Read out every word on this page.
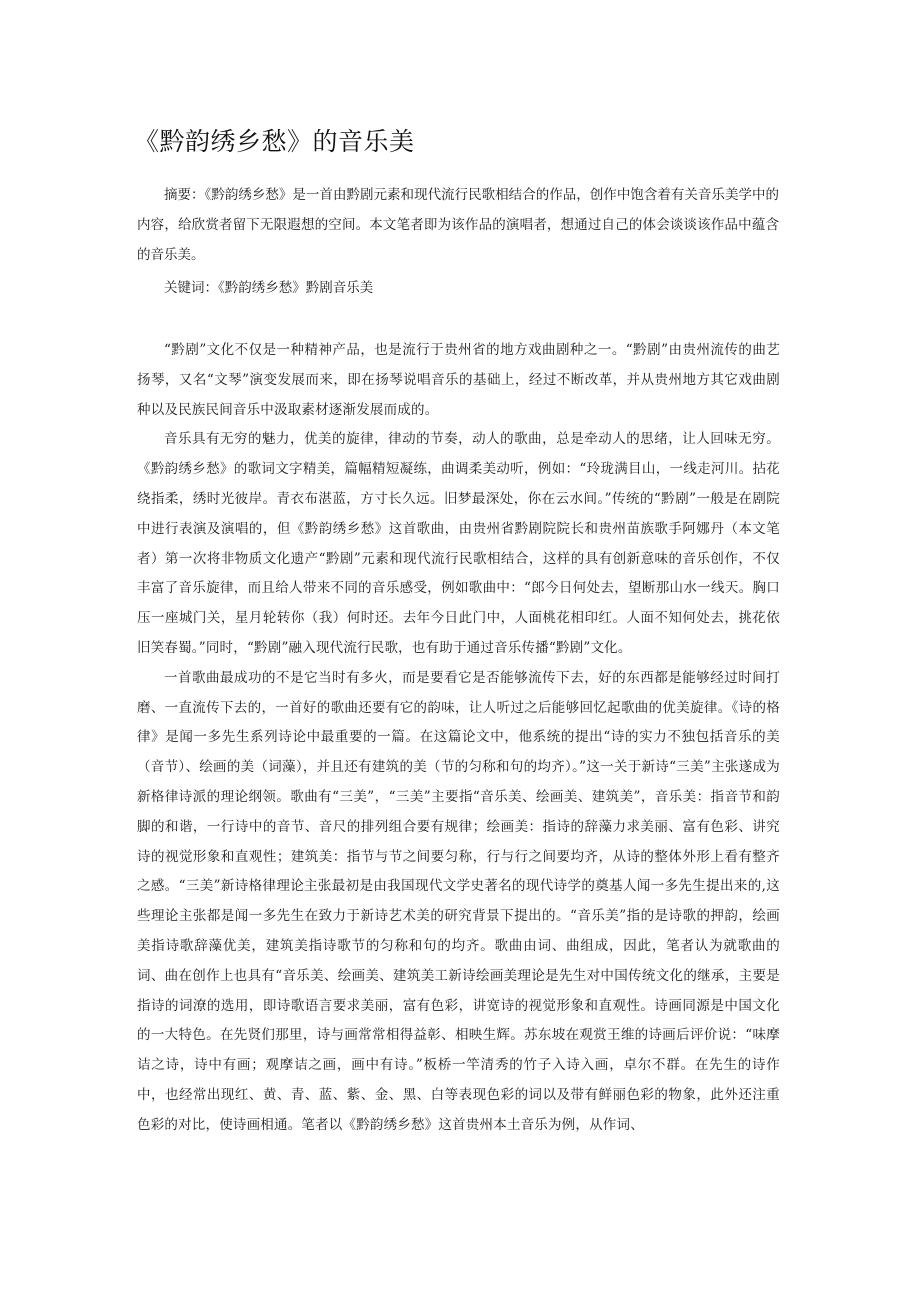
《黔韵绣乡愁》的音乐美

摘要：《黔韵绣乡愁》是一首由黔剧元素和现代流行民歌相结合的作品，创作中饱含着有关音乐美学中的内容，给欣赏者留下无限遐想的空间。本文笔者即为该作品的演唱者，想通过自己的体会谈谈该作品中蕴含的音乐美。

关键词：《黔韵绣乡愁》黔剧音乐美

“黔剧”文化不仅是一种精神产品，也是流行于贵州省的地方戏曲剧种之一。“黔剧”由贵州流传的曲艺扬琴，又名“文琴”演变发展而来，即在扬琴说唱音乐的基础上，经过不断改革，并从贵州地方其它戏曲剧种以及民族民间音乐中汲取素材逐渐发展而成的。

音乐具有无穷的魅力，优美的旋律，律动的节奏，动人的歌曲，总是牵动人的思绪，让人回味无穷。《黔韵绣乡愁》的歌词文字精美，篇幅精短凝练，曲调柔美动听，例如：“玲珑满目山，一线走河川。拈花绕指柔，绣时光彼岸。青衣布湛蓝，方寸长久远。旧梦最深处，你在云水间。”传统的“黔剧”一般是在剧院中进行表演及演唱的，但《黔韵绣乡愁》这首歌曲，由贵州省黔剧院院长和贵州苗族歌手阿娜丹（本文笔者）第一次将非物质文化遗产“黔剧”元素和现代流行民歌相结合，这样的具有创新意味的音乐创作，不仅丰富了音乐旋律，而且给人带来不同的音乐感受，例如歌曲中：“郎今日何处去，望断那山水一线天。胸口压一座城门关，星月轮转你（我）何时还。去年今日此门中，人面桃花相印红。人面不知何处去，挑花依旧笑春蜀。”同时，“黔剧”融入现代流行民歌，也有助于通过音乐传播“黔剧”文化。

一首歌曲最成功的不是它当时有多火，而是要看它是否能够流传下去，好的东西都是能够经过时间打磨、一直流传下去的，一首好的歌曲还要有它的韵味，让人听过之后能够回忆起歌曲的优美旋律。《诗的格律》是闻一多先生系列诗论中最重要的一篇。在这篇论文中，他系统的提出“诗的实力不独包括音乐的美（音节）、绘画的美（词藻），并且还有建筑的美（节的匀称和句的均齐）。”这一关于新诗“三美”主张遂成为新格律诗派的理论纲领。歌曲有“三美”，“三美”主要指“音乐美、绘画美、建筑美”，音乐美：指音节和韵脚的和谐，一行诗中的音节、音尺的排列组合要有规律；绘画美：指诗的辞藻力求美丽、富有色彩、讲究诗的视觉形象和直观性；建筑美：指节与节之间要匀称，行与行之间要均齐，从诗的整体外形上看有整齐之感。“三美”新诗格律理论主张最初是由我国现代文学史著名的现代诗学的奠基人闻一多先生提出来的,这些理论主张都是闻一多先生在致力于新诗艺术美的研究背景下提出的。“音乐美”指的是诗歌的押韵，绘画美指诗歌辞藻优美，建筑美指诗歌节的匀称和句的均齐。歌曲由词、曲组成，因此，笔者认为就歌曲的词、曲在创作上也具有“音乐美、绘画美、建筑美工新诗绘画美理论是先生对中国传统文化的继承，主要是指诗的词潦的选用，即诗歌语言要求美丽，富有色彩，讲宽诗的视觉形象和直观性。诗画同源是中国文化的一大特色。在先贤们那里，诗与画常常相得益彰、相映生辉。苏东坡在观赏王维的诗画后评价说：“味摩诘之诗，诗中有画；观摩诘之画，画中有诗。”板桥一竿清秀的竹子入诗入画，卓尔不群。在先生的诗作中，也经常出现红、黄、青、蓝、紫、金、黑、白等表现色彩的词以及带有鲜丽色彩的物象，此外还注重色彩的对比，使诗画相通。笔者以《黔韵绣乡愁》这首贵州本土音乐为例，从作词、
